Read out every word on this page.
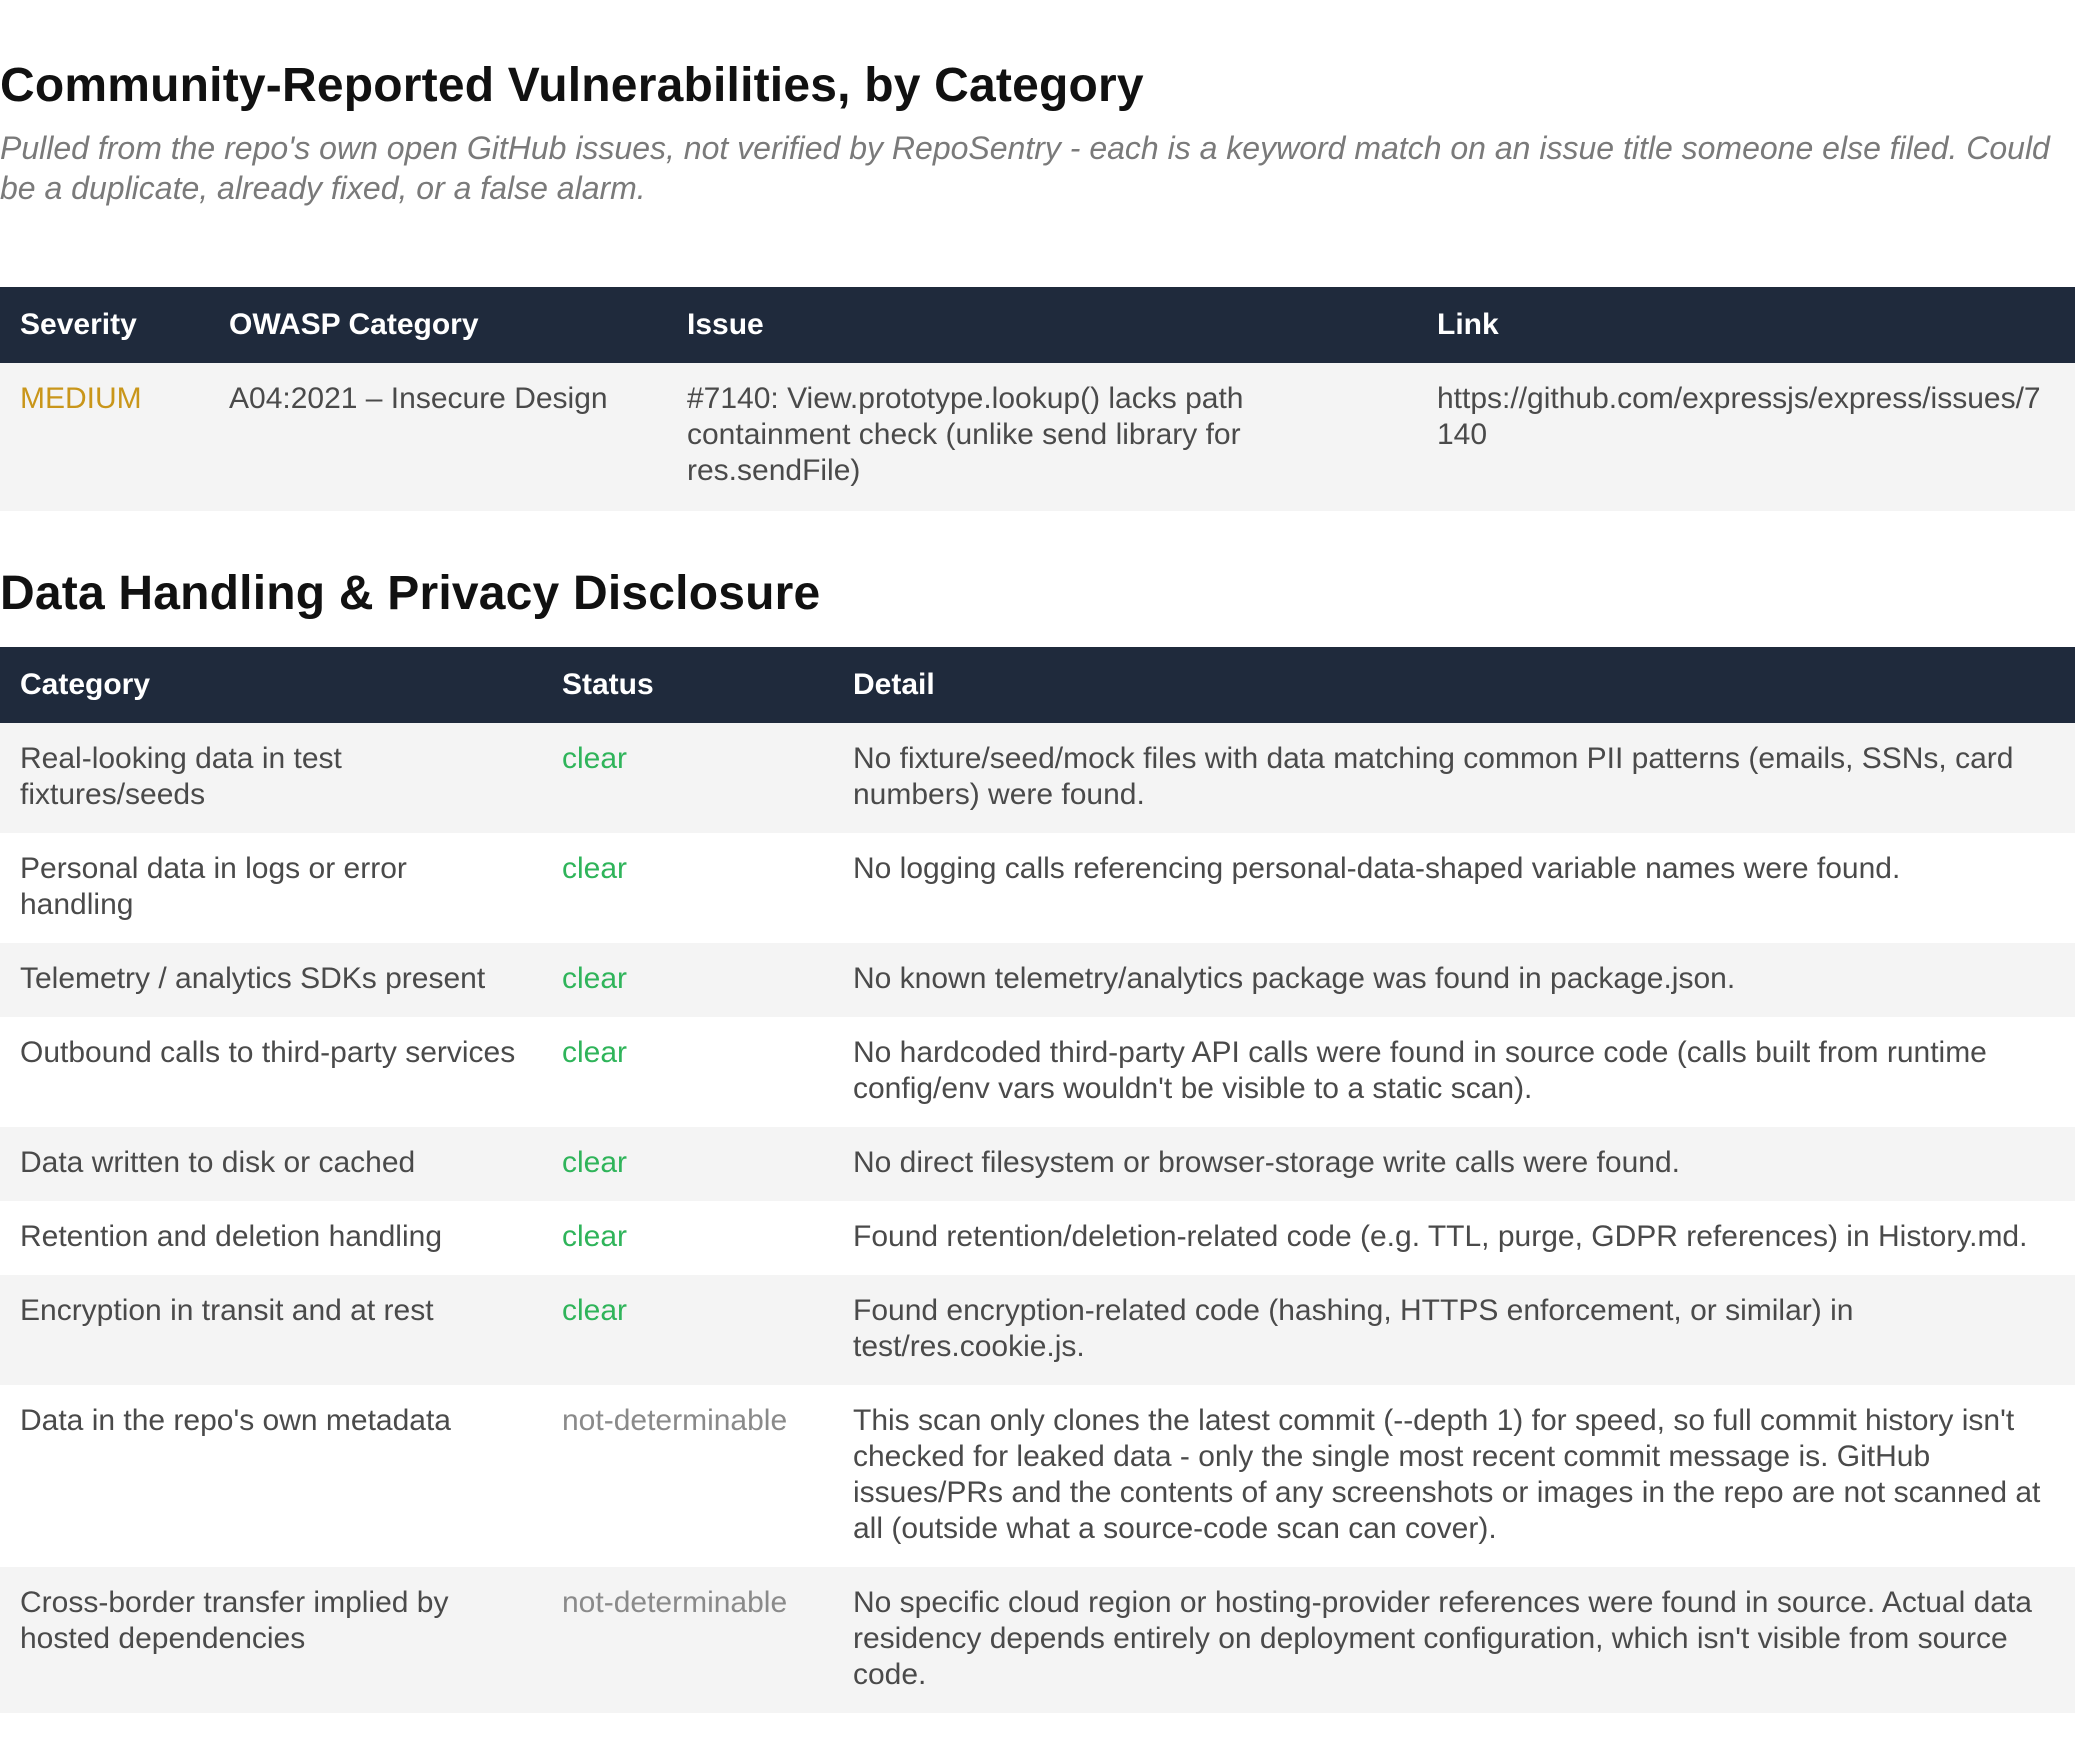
Community-Reported Vulnerabilities, by Category

Pulled from the repo's own open GitHub issues, not verified by RepoSentry - each is a keyword match on an issue title someone else filed. Could be a duplicate, already fixed, or a false alarm.

Severity	OWASP Category	Issue	Link
MEDIUM	A04:2021 – Insecure Design	#7140: View.prototype.lookup() lacks path containment check (unlike send library for res.sendFile)	https://github.com/expressjs/express/issues/7140
Data Handling & Privacy Disclosure
Category	Status	Detail
Real-looking data in test fixtures/seeds	clear	No fixture/seed/mock files with data matching common PII patterns (emails, SSNs, card numbers) were found.
Personal data in logs or error handling	clear	No logging calls referencing personal-data-shaped variable names were found.
Telemetry / analytics SDKs present	clear	No known telemetry/analytics package was found in package.json.
Outbound calls to third-party services	clear	No hardcoded third-party API calls were found in source code (calls built from runtime config/env vars wouldn't be visible to a static scan).
Data written to disk or cached	clear	No direct filesystem or browser-storage write calls were found.
Retention and deletion handling	clear	Found retention/deletion-related code (e.g. TTL, purge, GDPR references) in History.md.
Encryption in transit and at rest	clear	Found encryption-related code (hashing, HTTPS enforcement, or similar) in test/res.cookie.js.
Data in the repo's own metadata	not-determinable	This scan only clones the latest commit (--depth 1) for speed, so full commit history isn't checked for leaked data - only the single most recent commit message is. GitHub issues/PRs and the contents of any screenshots or images in the repo are not scanned at all (outside what a source-code scan can cover).
Cross-border transfer implied by hosted dependencies	not-determinable	No specific cloud region or hosting-provider references were found in source. Actual data residency depends entirely on deployment configuration, which isn't visible from source code.
